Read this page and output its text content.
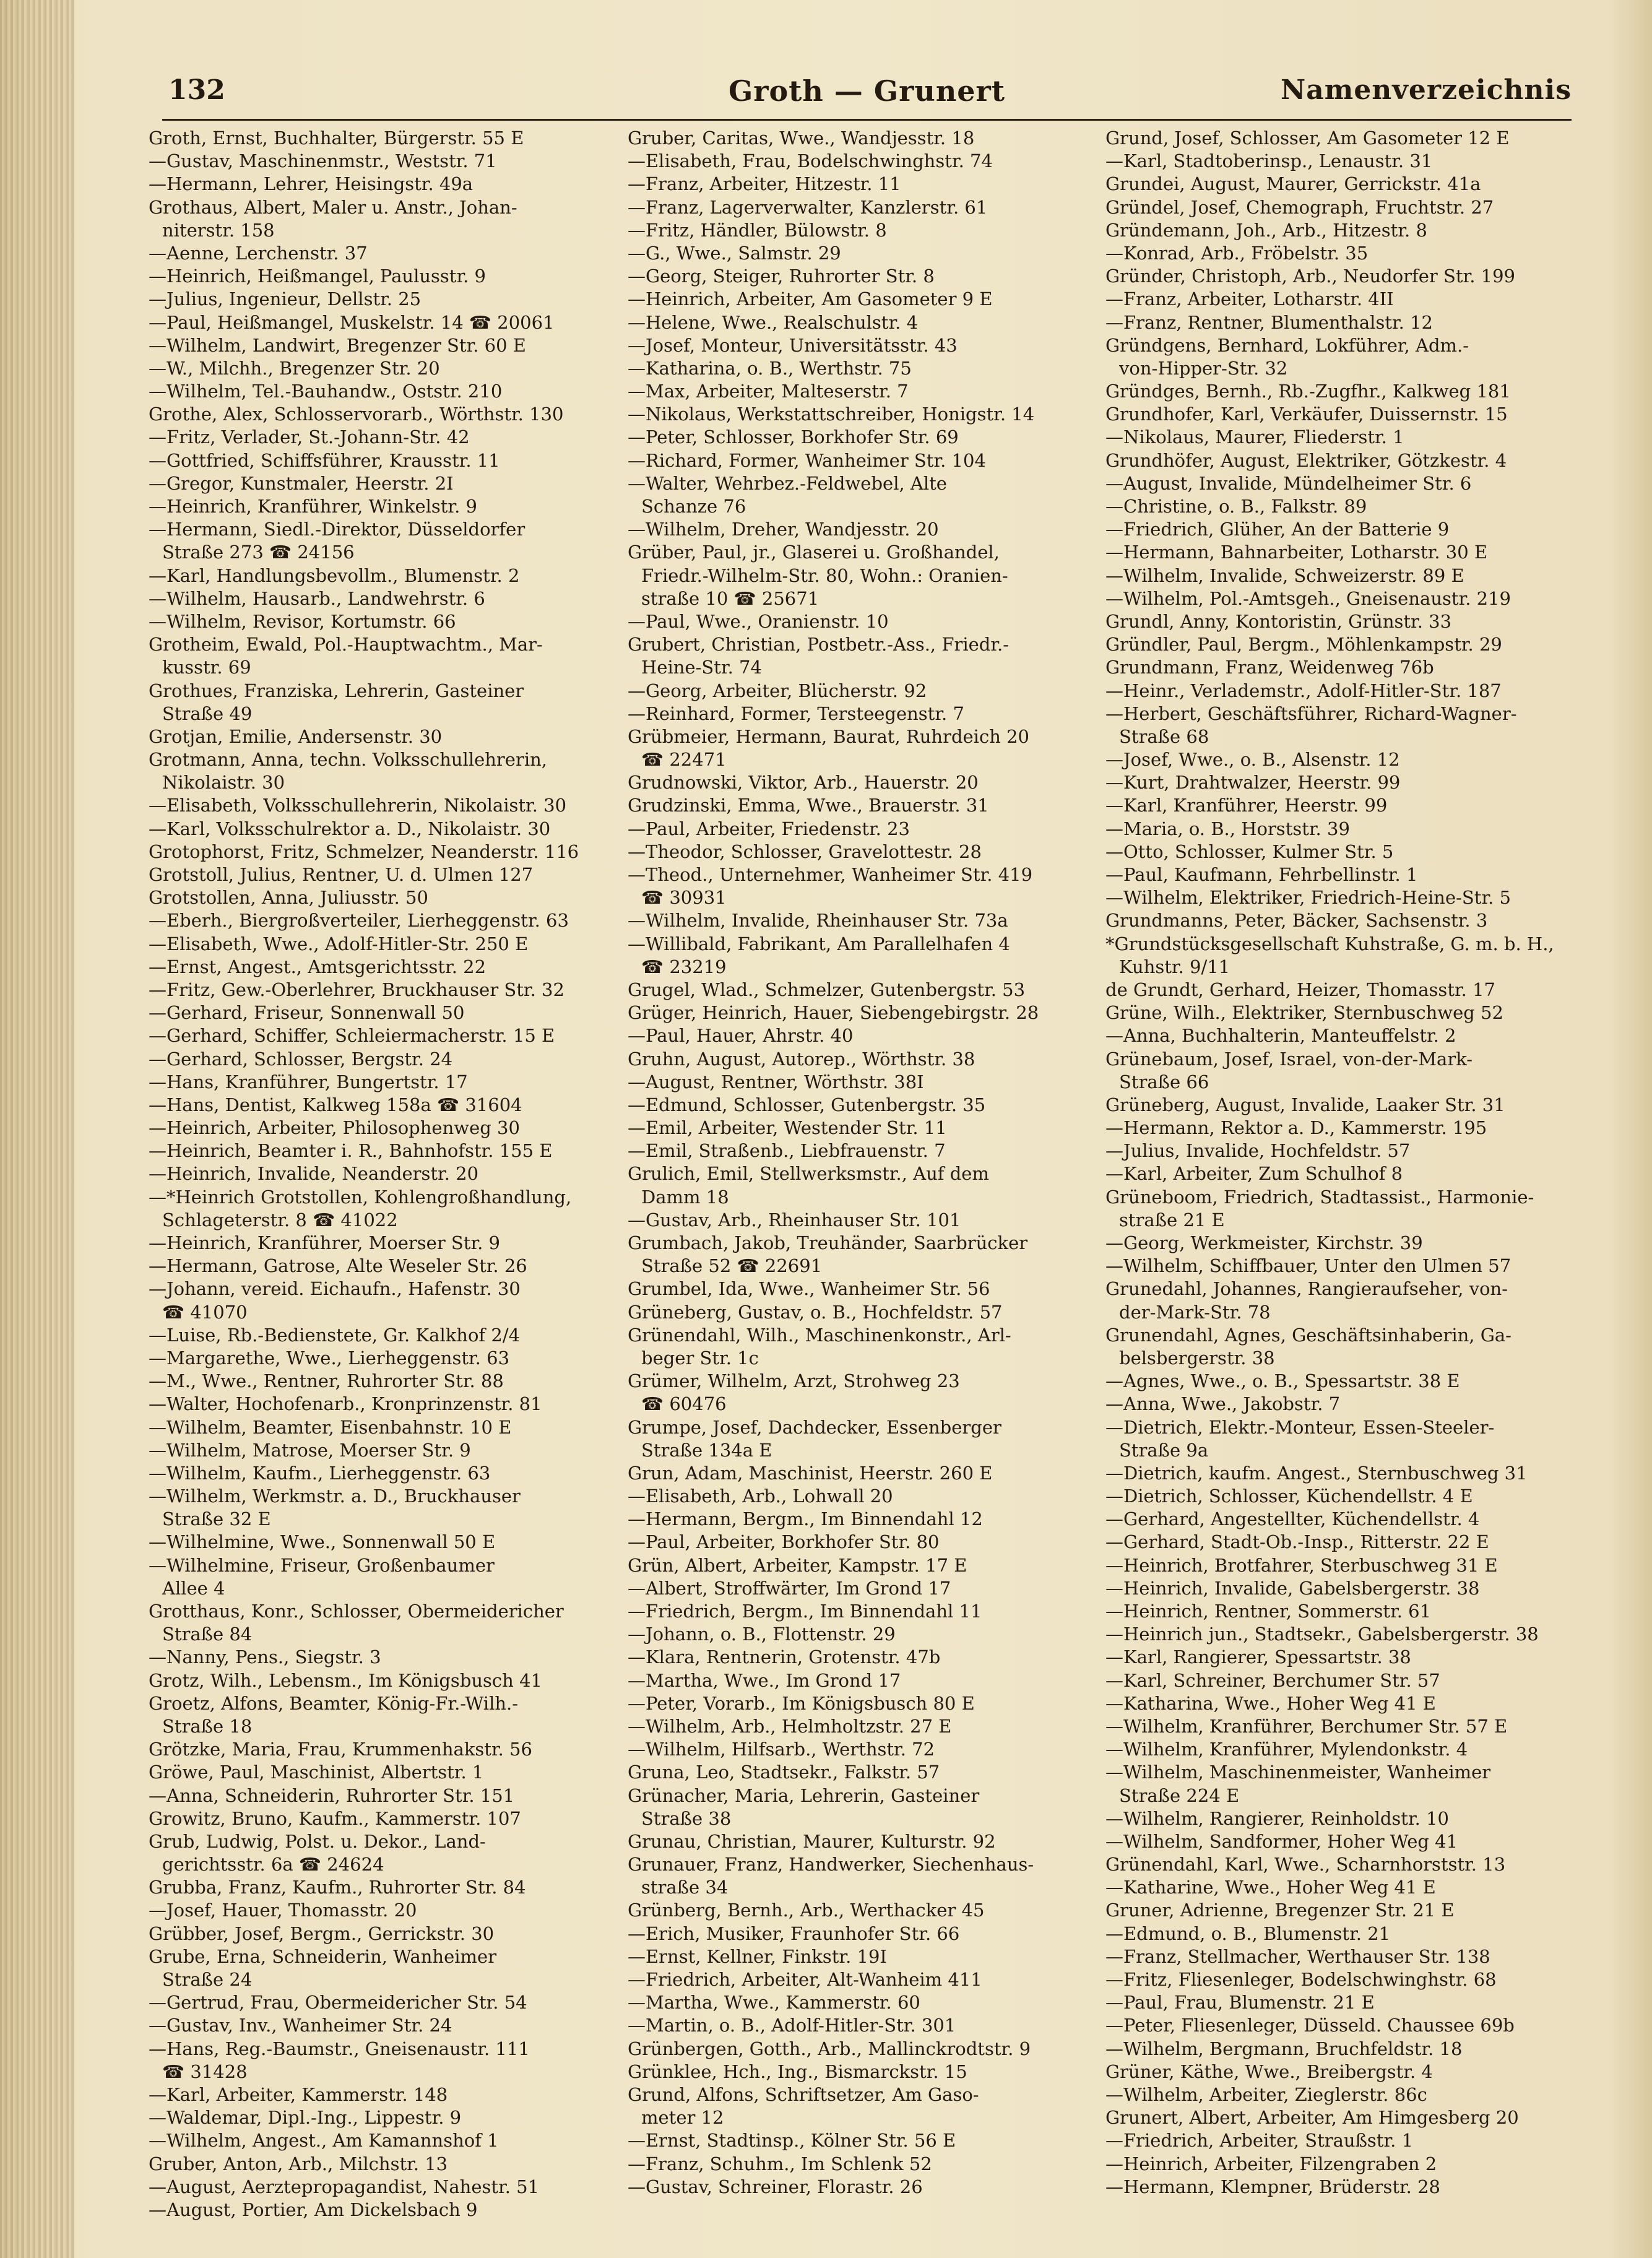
132	Groth — Grunert	Namenverzeichnis
Groth, Ernst, Buchhalter, Bürgerstr. 55 E
—Gustav, Maschinenmstr., Weststr. 71
—Hermann, Lehrer, Heisingstr. 49a
Grothaus, Albert, Maler u. Anstr., Johan-
niterstr. 158
—Aenne, Lerchenstr. 37
—Heinrich, Heißmangel, Paulusstr. 9
—Julius, Ingenieur, Dellstr. 25
—Paul, Heißmangel, Muskelstr. 14 ☎ 20061
—Wilhelm, Landwirt, Bregenzer Str. 60 E
—W., Milchh., Bregenzer Str. 20
—Wilhelm, Tel.-Bauhandw., Oststr. 210
Grothe, Alex, Schlosservorarb., Wörthstr. 130
—Fritz, Verlader, St.-Johann-Str. 42
—Gottfried, Schiffsführer, Krausstr. 11
—Gregor, Kunstmaler, Heerstr. 2I
—Heinrich, Kranführer, Winkelstr. 9
—Hermann, Siedl.-Direktor, Düsseldorfer
Straße 273 ☎ 24156
—Karl, Handlungsbevollm., Blumenstr. 2
—Wilhelm, Hausarb., Landwehrstr. 6
—Wilhelm, Revisor, Kortumstr. 66
Grotheim, Ewald, Pol.-Hauptwachtm., Mar-
kusstr. 69
Grothues, Franziska, Lehrerin, Gasteiner
Straße 49
Grotjan, Emilie, Andersenstr. 30
Grotmann, Anna, techn. Volksschullehrerin,
Nikolaistr. 30
—Elisabeth, Volksschullehrerin, Nikolaistr. 30
—Karl, Volksschulrektor a. D., Nikolaistr. 30
Grotophorst, Fritz, Schmelzer, Neanderstr. 116
Grotstoll, Julius, Rentner, U. d. Ulmen 127
Grotstollen, Anna, Juliusstr. 50
—Eberh., Biergroßverteiler, Lierheggenstr. 63
—Elisabeth, Wwe., Adolf-Hitler-Str. 250 E
—Ernst, Angest., Amtsgerichtsstr. 22
—Fritz, Gew.-Oberlehrer, Bruckhauser Str. 32
—Gerhard, Friseur, Sonnenwall 50
—Gerhard, Schiffer, Schleiermacherstr. 15 E
—Gerhard, Schlosser, Bergstr. 24
—Hans, Kranführer, Bungertstr. 17
—Hans, Dentist, Kalkweg 158a ☎ 31604
—Heinrich, Arbeiter, Philosophenweg 30
—Heinrich, Beamter i. R., Bahnhofstr. 155 E
—Heinrich, Invalide, Neanderstr. 20
—*Heinrich Grotstollen, Kohlengroßhandlung,
Schlageterstr. 8 ☎ 41022
—Heinrich, Kranführer, Moerser Str. 9
—Hermann, Gatrose, Alte Weseler Str. 26
—Johann, vereid. Eichaufn., Hafenstr. 30
☎ 41070
—Luise, Rb.-Bedienstete, Gr. Kalkhof 2/4
—Margarethe, Wwe., Lierheggenstr. 63
—M., Wwe., Rentner, Ruhrorter Str. 88
—Walter, Hochofenarb., Kronprinzenstr. 81
—Wilhelm, Beamter, Eisenbahnstr. 10 E
—Wilhelm, Matrose, Moerser Str. 9
—Wilhelm, Kaufm., Lierheggenstr. 63
—Wilhelm, Werkmstr. a. D., Bruckhauser
Straße 32 E
—Wilhelmine, Wwe., Sonnenwall 50 E
—Wilhelmine, Friseur, Großenbaumer
Allee 4
Grotthaus, Konr., Schlosser, Obermeidericher
Straße 84
—Nanny, Pens., Siegstr. 3
Grotz, Wilh., Lebensm., Im Königsbusch 41
Groetz, Alfons, Beamter, König-Fr.-Wilh.-
Straße 18
Grötzke, Maria, Frau, Krummenhakstr. 56
Gröwe, Paul, Maschinist, Albertstr. 1
—Anna, Schneiderin, Ruhrorter Str. 151
Growitz, Bruno, Kaufm., Kammerstr. 107
Grub, Ludwig, Polst. u. Dekor., Land-
gerichtsstr. 6a ☎ 24624
Grubba, Franz, Kaufm., Ruhrorter Str. 84
—Josef, Hauer, Thomasstr. 20
Grübber, Josef, Bergm., Gerrickstr. 30
Grube, Erna, Schneiderin, Wanheimer
Straße 24
—Gertrud, Frau, Obermeidericher Str. 54
—Gustav, Inv., Wanheimer Str. 24
—Hans, Reg.-Baumstr., Gneisenaustr. 111
☎ 31428
—Karl, Arbeiter, Kammerstr. 148
—Waldemar, Dipl.-Ing., Lippestr. 9
—Wilhelm, Angest., Am Kamannshof 1
Gruber, Anton, Arb., Milchstr. 13
—August, Aerztepropagandist, Nahestr. 51
—August, Portier, Am Dickelsbach 9
Gruber, Caritas, Wwe., Wandjesstr. 18
—Elisabeth, Frau, Bodelschwinghstr. 74
—Franz, Arbeiter, Hitzestr. 11
—Franz, Lagerverwalter, Kanzlerstr. 61
—Fritz, Händler, Bülowstr. 8
—G., Wwe., Salmstr. 29
—Georg, Steiger, Ruhrorter Str. 8
—Heinrich, Arbeiter, Am Gasometer 9 E
—Helene, Wwe., Realschulstr. 4
—Josef, Monteur, Universitätsstr. 43
—Katharina, o. B., Werthstr. 75
—Max, Arbeiter, Malteserstr. 7
—Nikolaus, Werkstattschreiber, Honigstr. 14
—Peter, Schlosser, Borkhofer Str. 69
—Richard, Former, Wanheimer Str. 104
—Walter, Wehrbez.-Feldwebel, Alte
Schanze 76
—Wilhelm, Dreher, Wandjesstr. 20
Grüber, Paul, jr., Glaserei u. Großhandel,
Friedr.-Wilhelm-Str. 80, Wohn.: Oranien-
straße 10 ☎ 25671
—Paul, Wwe., Oranienstr. 10
Grubert, Christian, Postbetr.-Ass., Friedr.-
Heine-Str. 74
—Georg, Arbeiter, Blücherstr. 92
—Reinhard, Former, Tersteegenstr. 7
Grübmeier, Hermann, Baurat, Ruhrdeich 20
☎ 22471
Grudnowski, Viktor, Arb., Hauerstr. 20
Grudzinski, Emma, Wwe., Brauerstr. 31
—Paul, Arbeiter, Friedenstr. 23
—Theodor, Schlosser, Gravelottestr. 28
—Theod., Unternehmer, Wanheimer Str. 419
☎ 30931
—Wilhelm, Invalide, Rheinhauser Str. 73a
—Willibald, Fabrikant, Am Parallelhafen 4
☎ 23219
Grugel, Wlad., Schmelzer, Gutenbergstr. 53
Grüger, Heinrich, Hauer, Siebengebirgstr. 28
—Paul, Hauer, Ahrstr. 40
Gruhn, August, Autorep., Wörthstr. 38
—August, Rentner, Wörthstr. 38I
—Edmund, Schlosser, Gutenbergstr. 35
—Emil, Arbeiter, Westender Str. 11
—Emil, Straßenb., Liebfrauenstr. 7
Grulich, Emil, Stellwerksmstr., Auf dem
Damm 18
—Gustav, Arb., Rheinhauser Str. 101
Grumbach, Jakob, Treuhänder, Saarbrücker
Straße 52 ☎ 22691
Grumbel, Ida, Wwe., Wanheimer Str. 56
Grüneberg, Gustav, o. B., Hochfeldstr. 57
Grünendahl, Wilh., Maschinenkonstr., Arl-
beger Str. 1c
Grümer, Wilhelm, Arzt, Strohweg 23
☎ 60476
Grumpe, Josef, Dachdecker, Essenberger
Straße 134a E
Grun, Adam, Maschinist, Heerstr. 260 E
—Elisabeth, Arb., Lohwall 20
—Hermann, Bergm., Im Binnendahl 12
—Paul, Arbeiter, Borkhofer Str. 80
Grün, Albert, Arbeiter, Kampstr. 17 E
—Albert, Stroffwärter, Im Grond 17
—Friedrich, Bergm., Im Binnendahl 11
—Johann, o. B., Flottenstr. 29
—Klara, Rentnerin, Grotenstr. 47b
—Martha, Wwe., Im Grond 17
—Peter, Vorarb., Im Königsbusch 80 E
—Wilhelm, Arb., Helmholtzstr. 27 E
—Wilhelm, Hilfsarb., Werthstr. 72
Gruna, Leo, Stadtsekr., Falkstr. 57
Grünacher, Maria, Lehrerin, Gasteiner
Straße 38
Grunau, Christian, Maurer, Kulturstr. 92
Grunauer, Franz, Handwerker, Siechenhaus-
straße 34
Grünberg, Bernh., Arb., Werthacker 45
—Erich, Musiker, Fraunhofer Str. 66
—Ernst, Kellner, Finkstr. 19I
—Friedrich, Arbeiter, Alt-Wanheim 411
—Martha, Wwe., Kammerstr. 60
—Martin, o. B., Adolf-Hitler-Str. 301
Grünbergen, Gotth., Arb., Mallinckrodtstr. 9
Grünklee, Hch., Ing., Bismarckstr. 15
Grund, Alfons, Schriftsetzer, Am Gaso-
meter 12
—Ernst, Stadtinsp., Kölner Str. 56 E
—Franz, Schuhm., Im Schlenk 52
—Gustav, Schreiner, Florastr. 26
Grund, Josef, Schlosser, Am Gasometer 12 E
—Karl, Stadtoberinsp., Lenaustr. 31
Grundei, August, Maurer, Gerrickstr. 41a
Gründel, Josef, Chemograph, Fruchtstr. 27
Gründemann, Joh., Arb., Hitzestr. 8
—Konrad, Arb., Fröbelstr. 35
Gründer, Christoph, Arb., Neudorfer Str. 199
—Franz, Arbeiter, Lotharstr. 4II
—Franz, Rentner, Blumenthalstr. 12
Gründgens, Bernhard, Lokführer, Adm.-
von-Hipper-Str. 32
Gründges, Bernh., Rb.-Zugfhr., Kalkweg 181
Grundhofer, Karl, Verkäufer, Duissernstr. 15
—Nikolaus, Maurer, Fliederstr. 1
Grundhöfer, August, Elektriker, Götzkestr. 4
—August, Invalide, Mündelheimer Str. 6
—Christine, o. B., Falkstr. 89
—Friedrich, Glüher, An der Batterie 9
—Hermann, Bahnarbeiter, Lotharstr. 30 E
—Wilhelm, Invalide, Schweizerstr. 89 E
—Wilhelm, Pol.-Amtsgeh., Gneisenaustr. 219
Grundl, Anny, Kontoristin, Grünstr. 33
Gründler, Paul, Bergm., Möhlenkampstr. 29
Grundmann, Franz, Weidenweg 76b
—Heinr., Verlademstr., Adolf-Hitler-Str. 187
—Herbert, Geschäftsführer, Richard-Wagner-
Straße 68
—Josef, Wwe., o. B., Alsenstr. 12
—Kurt, Drahtwalzer, Heerstr. 99
—Karl, Kranführer, Heerstr. 99
—Maria, o. B., Horststr. 39
—Otto, Schlosser, Kulmer Str. 5
—Paul, Kaufmann, Fehrbellinstr. 1
—Wilhelm, Elektriker, Friedrich-Heine-Str. 5
Grundmanns, Peter, Bäcker, Sachsenstr. 3
*Grundstücksgesellschaft Kuhstraße, G. m. b. H.,
Kuhstr. 9/11
de Grundt, Gerhard, Heizer, Thomasstr. 17
Grüne, Wilh., Elektriker, Sternbuschweg 52
—Anna, Buchhalterin, Manteuffelstr. 2
Grünebaum, Josef, Israel, von-der-Mark-
Straße 66
Grüneberg, August, Invalide, Laaker Str. 31
—Hermann, Rektor a. D., Kammerstr. 195
—Julius, Invalide, Hochfeldstr. 57
—Karl, Arbeiter, Zum Schulhof 8
Grüneboom, Friedrich, Stadtassist., Harmonie-
straße 21 E
—Georg, Werkmeister, Kirchstr. 39
—Wilhelm, Schiffbauer, Unter den Ulmen 57
Grunedahl, Johannes, Rangieraufseher, von-
der-Mark-Str. 78
Grunendahl, Agnes, Geschäftsinhaberin, Ga-
belsbergerstr. 38
—Agnes, Wwe., o. B., Spessartstr. 38 E
—Anna, Wwe., Jakobstr. 7
—Dietrich, Elektr.-Monteur, Essen-Steeler-
Straße 9a
—Dietrich, kaufm. Angest., Sternbuschweg 31
—Dietrich, Schlosser, Küchendellstr. 4 E
—Gerhard, Angestellter, Küchendellstr. 4
—Gerhard, Stadt-Ob.-Insp., Ritterstr. 22 E
—Heinrich, Brotfahrer, Sterbuschweg 31 E
—Heinrich, Invalide, Gabelsbergerstr. 38
—Heinrich, Rentner, Sommerstr. 61
—Heinrich jun., Stadtsekr., Gabelsbergerstr. 38
—Karl, Rangierer, Spessartstr. 38
—Karl, Schreiner, Berchumer Str. 57
—Katharina, Wwe., Hoher Weg 41 E
—Wilhelm, Kranführer, Berchumer Str. 57 E
—Wilhelm, Kranführer, Mylendonkstr. 4
—Wilhelm, Maschinenmeister, Wanheimer
Straße 224 E
—Wilhelm, Rangierer, Reinholdstr. 10
—Wilhelm, Sandformer, Hoher Weg 41
Grünendahl, Karl, Wwe., Scharnhorststr. 13
—Katharine, Wwe., Hoher Weg 41 E
Gruner, Adrienne, Bregenzer Str. 21 E
—Edmund, o. B., Blumenstr. 21
—Franz, Stellmacher, Werthauser Str. 138
—Fritz, Fliesenleger, Bodelschwinghstr. 68
—Paul, Frau, Blumenstr. 21 E
—Peter, Fliesenleger, Düsseld. Chaussee 69b
—Wilhelm, Bergmann, Bruchfeldstr. 18
Grüner, Käthe, Wwe., Breibergstr. 4
—Wilhelm, Arbeiter, Zieglerstr. 86c
Grunert, Albert, Arbeiter, Am Himgesberg 20
—Friedrich, Arbeiter, Straußstr. 1
—Heinrich, Arbeiter, Filzengraben 2
—Hermann, Klempner, Brüderstr. 28
